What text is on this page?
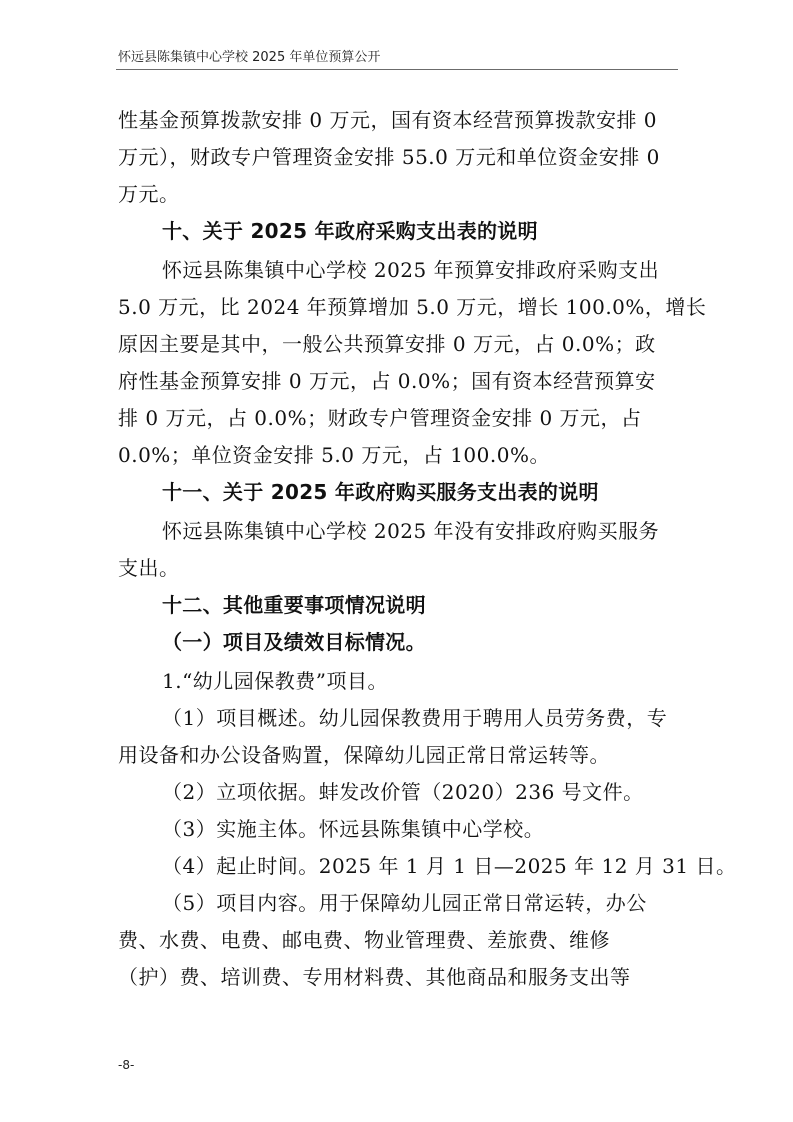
怀远县陈集镇中心学校 2025 年单位预算公开
性基金预算拨款安排 0 万元，国有资本经营预算拨款安排 0
万元），财政专户管理资金安排 55.0 万元和单位资金安排 0
万元。
十、关于 2025 年政府采购支出表的说明
怀远县陈集镇中心学校 2025 年预算安排政府采购支出
5.0 万元，比 2024 年预算增加 5.0 万元，增长 100.0%，增长
原因主要是其中，一般公共预算安排 0 万元，占 0.0%；政
府性基金预算安排 0 万元，占 0.0%；国有资本经营预算安
排 0 万元，占 0.0%；财政专户管理资金安排 0 万元，占
0.0%；单位资金安排 5.0 万元，占 100.0%。
十一、关于 2025 年政府购买服务支出表的说明
怀远县陈集镇中心学校 2025 年没有安排政府购买服务
支出。
十二、其他重要事项情况说明
（一）项目及绩效目标情况。
1.“幼儿园保教费”项目。
（1）项目概述。幼儿园保教费用于聘用人员劳务费，专
用设备和办公设备购置，保障幼儿园正常日常运转等。
（2）立项依据。蚌发改价管（2020）236 号文件。
（3）实施主体。怀远县陈集镇中心学校。
（4）起止时间。2025 年 1 月 1 日—2025 年 12 月 31 日。
（5）项目内容。用于保障幼儿园正常日常运转，办公
费、水费、电费、邮电费、物业管理费、差旅费、维修
（护）费、培训费、专用材料费、其他商品和服务支出等
-8-
